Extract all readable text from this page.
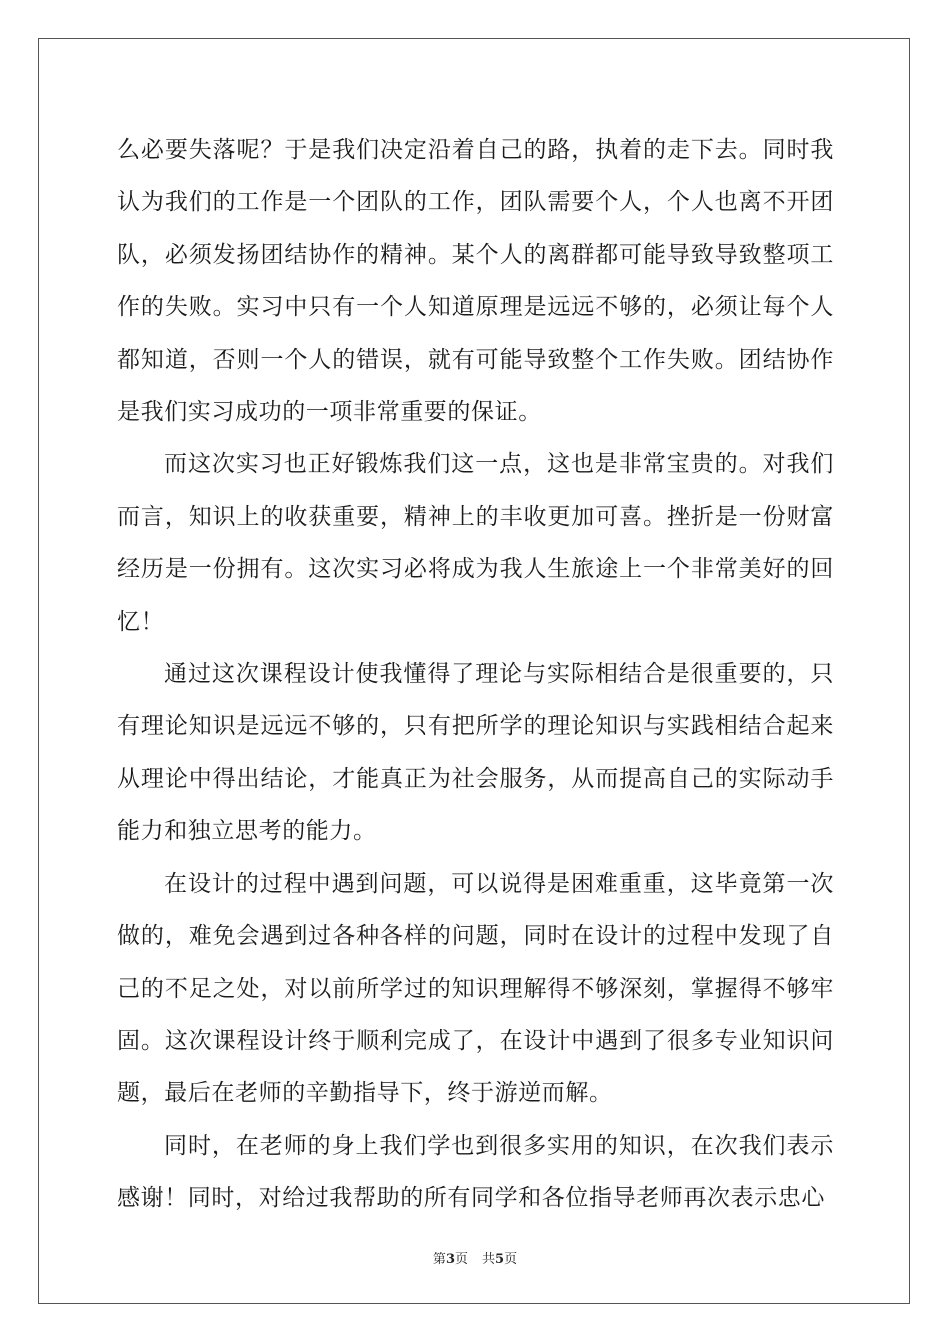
么必要失落呢？于是我们决定沿着自己的路，执着的走下去。同时我认为我们的工作是一个团队的工作，团队需要个人，个人也离不开团队，必须发扬团结协作的精神。某个人的离群都可能导致导致整项工作的失败。实习中只有一个人知道原理是远远不够的，必须让每个人都知道，否则一个人的错误，就有可能导致整个工作失败。团结协作是我们实习成功的一项非常重要的保证。

而这次实习也正好锻炼我们这一点，这也是非常宝贵的。对我们而言，知识上的收获重要，精神上的丰收更加可喜。挫折是一份财富经历是一份拥有。这次实习必将成为我人生旅途上一个非常美好的回忆！

通过这次课程设计使我懂得了理论与实际相结合是很重要的，只有理论知识是远远不够的，只有把所学的理论知识与实践相结合起来从理论中得出结论，才能真正为社会服务，从而提高自己的实际动手能力和独立思考的能力。

在设计的过程中遇到问题，可以说得是困难重重，这毕竟第一次做的，难免会遇到过各种各样的问题，同时在设计的过程中发现了自己的不足之处，对以前所学过的知识理解得不够深刻，掌握得不够牢固。这次课程设计终于顺利完成了，在设计中遇到了很多专业知识问题，最后在老师的辛勤指导下，终于游逆而解。

同时，在老师的身上我们学也到很多实用的知识，在次我们表示感谢！同时，对给过我帮助的所有同学和各位指导老师再次表示忠心

第3页 共5页
